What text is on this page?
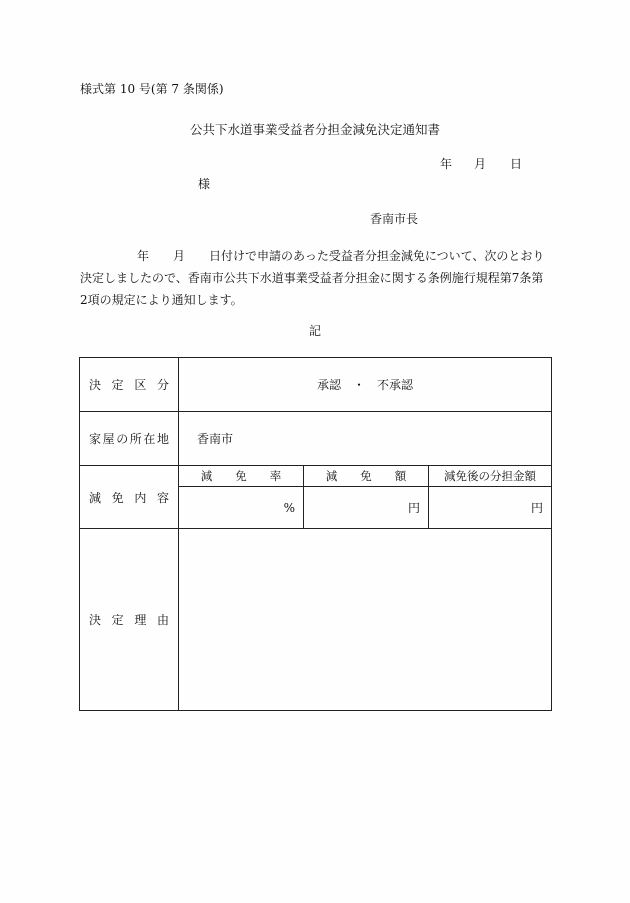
様式第 10 号(第 7 条関係)
公共下水道事業受益者分担金減免決定通知書
年 月 日
様
香南市長
年 月 日付けで申請のあった受益者分担金減免について、次のとおり決定しましたので、香南市公共下水道事業受益者分担金に関する条例施行規程第7条第2項の規定により通知します。
記
決定区分	承認　・　不承認		
家屋の所在地	香南市		
減免内容	減　　免　　率	減　　免　　額	減免後の分担金額
	%	円	円
決定理由			
